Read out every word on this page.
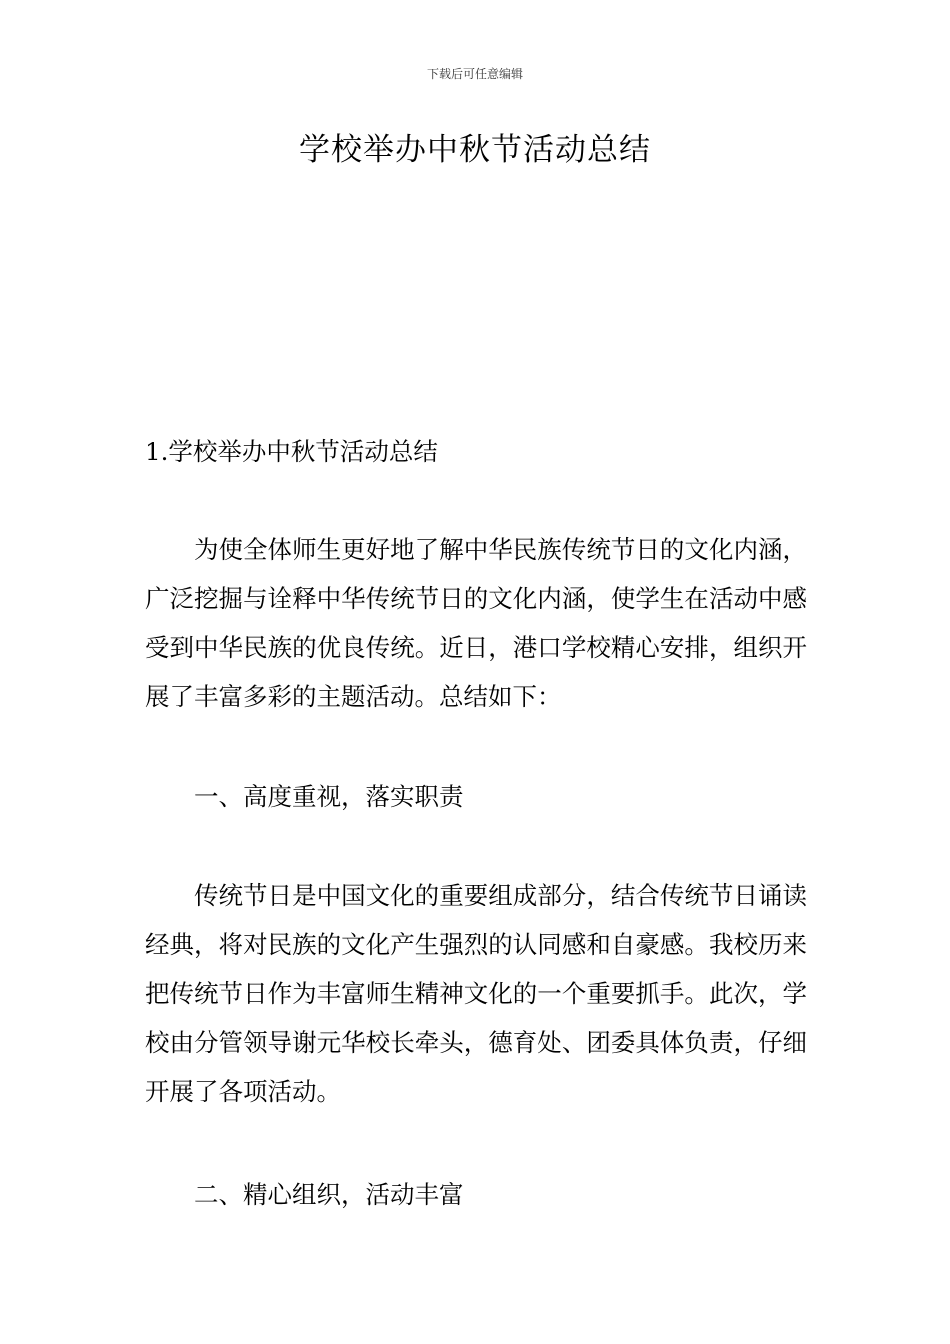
下载后可任意编辑
学校举办中秋节活动总结

1.学校举办中秋节活动总结

为使全体师生更好地了解中华民族传统节日的文化内涵，广泛挖掘与诠释中华传统节日的文化内涵，使学生在活动中感受到中华民族的优良传统。近日，港口学校精心安排，组织开展了丰富多彩的主题活动。总结如下：

一、高度重视，落实职责

传统节日是中国文化的重要组成部分，结合传统节日诵读经典，将对民族的文化产生强烈的认同感和自豪感。我校历来把传统节日作为丰富师生精神文化的一个重要抓手。此次，学校由分管领导谢元华校长牵头，德育处、团委具体负责，仔细开展了各项活动。

二、精心组织，活动丰富
